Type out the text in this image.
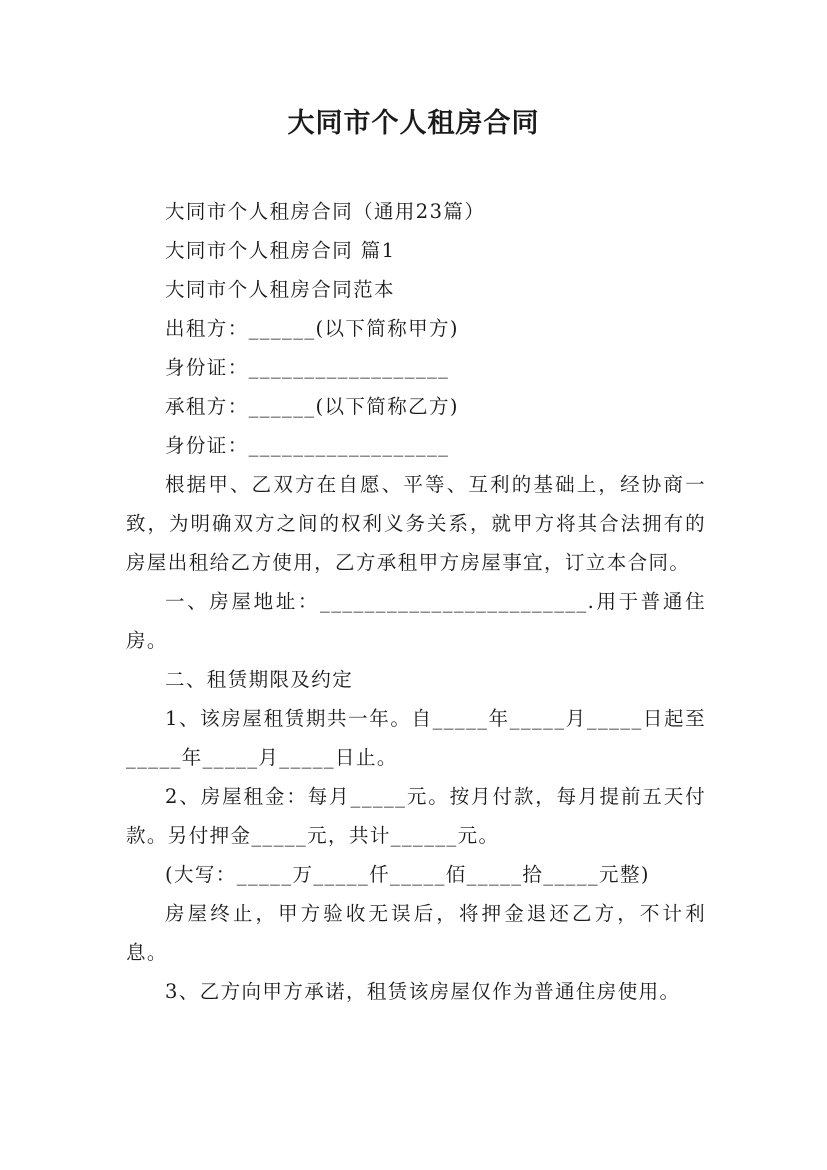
大同市个人租房合同

大同市个人租房合同（通用23篇）

大同市个人租房合同 篇1

大同市个人租房合同范本

出租方：______(以下简称甲方)

身份证：__________________

承租方：______(以下简称乙方)

身份证：__________________

根据甲、乙双方在自愿、平等、互利的基础上，经协商一致，为明确双方之间的权利义务关系，就甲方将其合法拥有的房屋出租给乙方使用，乙方承租甲方房屋事宜，订立本合同。

一、房屋地址：________________________.用于普通住房。

二、租赁期限及约定

1、该房屋租赁期共一年。自_____年_____月_____日起至_____年_____月_____日止。

2、房屋租金：每月_____元。按月付款，每月提前五天付款。另付押金_____元，共计______元。

(大写：_____万_____仟_____佰_____拾_____元整)

房屋终止，甲方验收无误后，将押金退还乙方，不计利息。

3、乙方向甲方承诺，租赁该房屋仅作为普通住房使用。
